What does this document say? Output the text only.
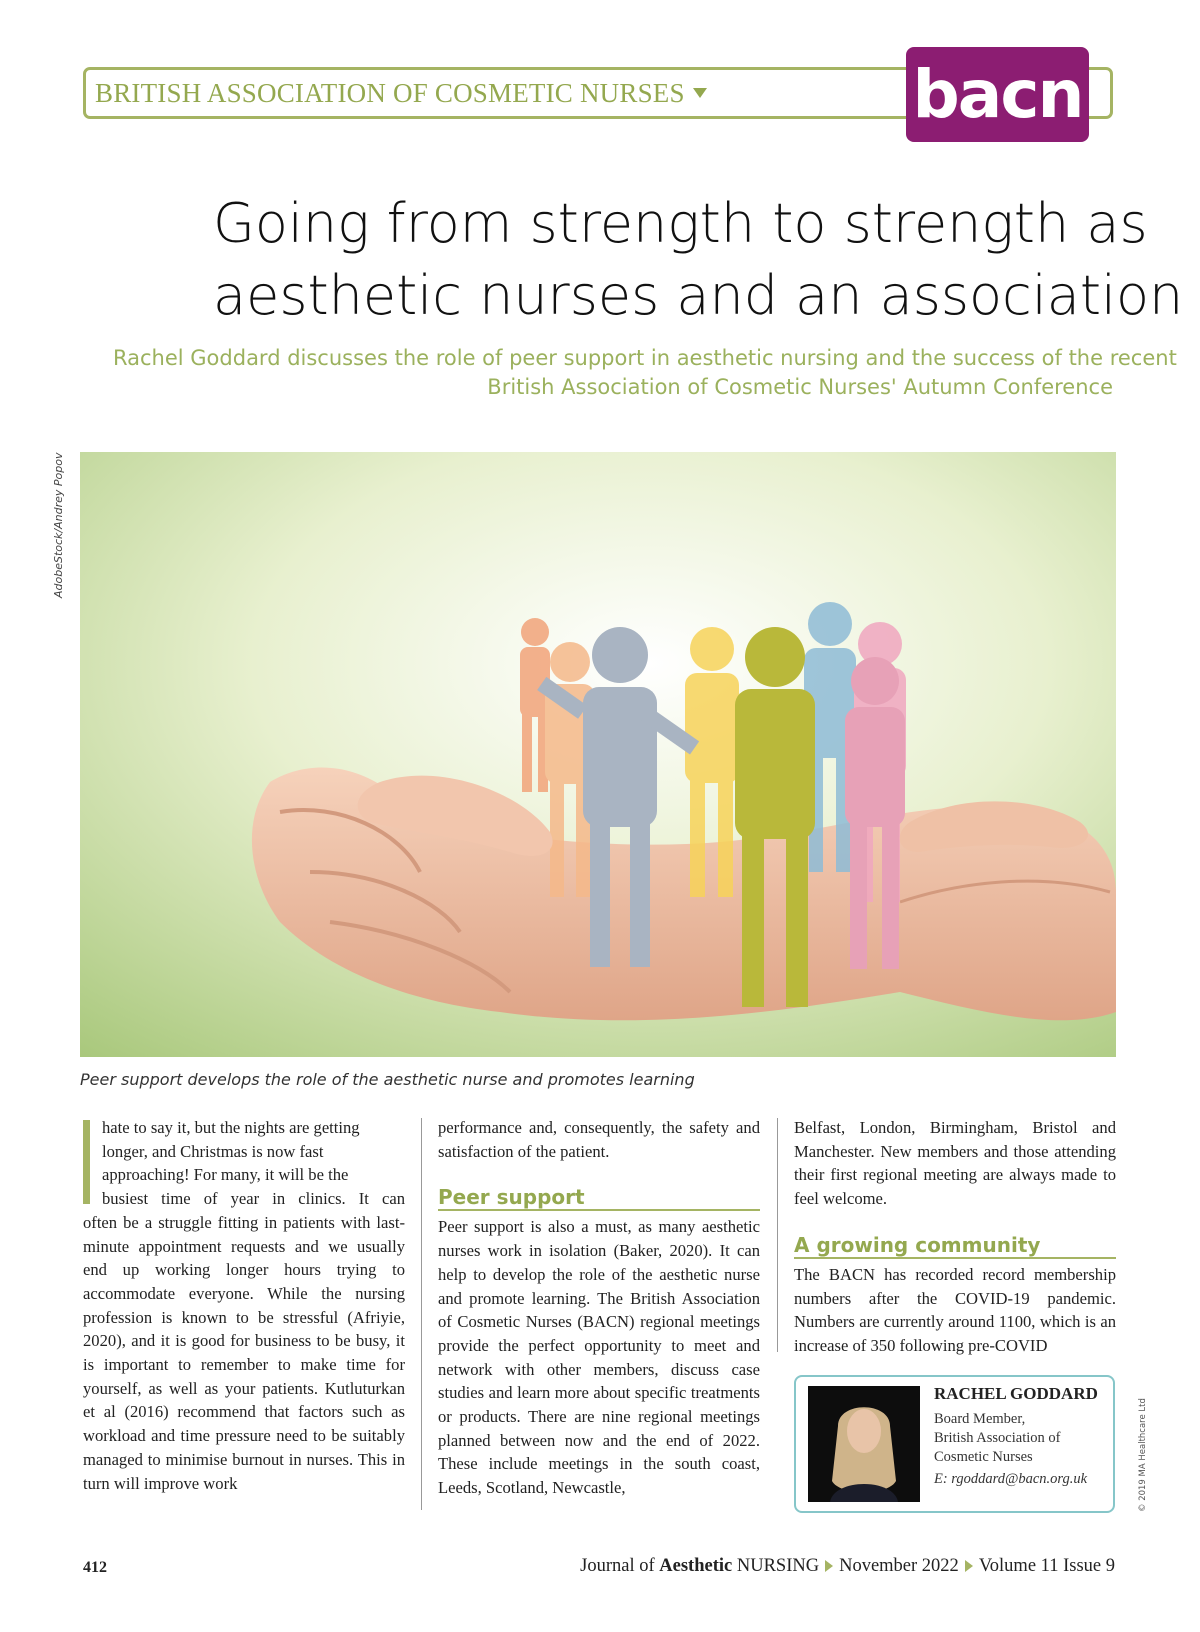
BRITISH ASSOCIATION OF COSMETIC NURSES	bacn
Going from strength to strength as
aesthetic nurses and an association
Rachel Goddard discusses the role of peer support in aesthetic nursing and the success of the recent
British Association of Cosmetic Nurses' Autumn Conference
AdobeStock/Andrey Popov
Peer support develops the role of the aesthetic nurse and promotes learning

hate to say it, but the nights are getting

longer, and Christmas is now fast

approaching! For many, it will be the

busiest time of year in clinics. It can

often be a struggle fitting in patients with last-minute appointment requests and we usually end up working longer hours trying to accommodate everyone. While the nursing profession is known to be stressful (Afriyie, 2020), and it is good for business to be busy, it is important to remember to make time for yourself, as well as your patients. Kutluturkan et al (2016) recommend that factors such as workload and time pressure need to be suitably managed to minimise burnout in nurses. This in turn will improve work

performance and, consequently, the safety and satisfaction of the patient.

Peer support

Peer support is also a must, as many aesthetic nurses work in isolation (Baker, 2020). It can help to develop the role of the aesthetic nurse and promote learning. The British Association of Cosmetic Nurses (BACN) regional meetings provide the perfect opportunity to meet and network with other members, discuss case studies and learn more about specific treatments or products. There are nine regional meetings planned between now and the end of 2022. These include meetings in the south coast, Leeds, Scotland, Newcastle,

Belfast, London, Birmingham, Bristol and Manchester. New members and those attending their first regional meeting are always made to feel welcome.

A growing community

The BACN has recorded record membership numbers after the COVID-19 pandemic. Numbers are currently around 1100, which is an increase of 350 following pre-COVID

RACHEL GODDARD
Board Member,
British Association of
Cosmetic Nurses
E: rgoddard@bacn.org.uk	© 2019 MA Healthcare Ltd
412	Journal of Aesthetic NURSING November 2022 Volume 11 Issue 9
